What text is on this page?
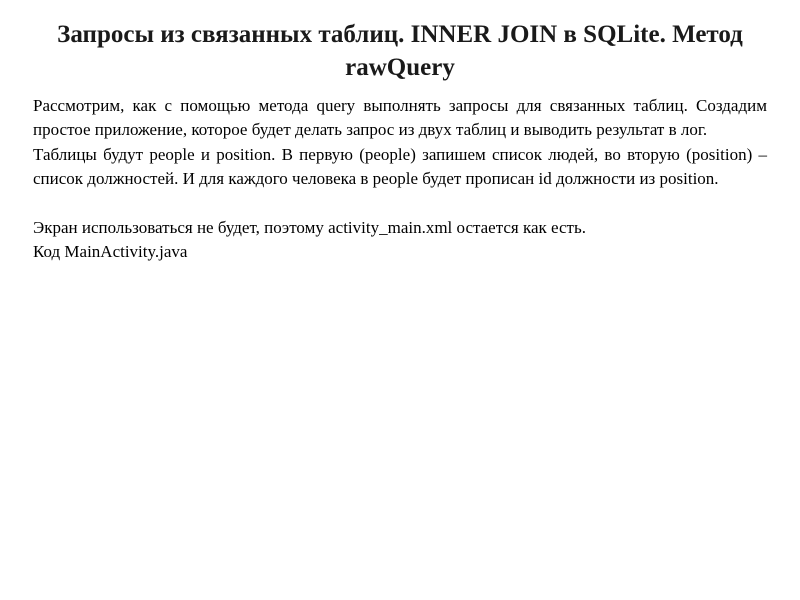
Запросы из связанных таблиц. INNER JOIN в SQLite. Метод rawQuery

Рассмотрим, как с помощью метода query выполнять запросы для связанных таблиц. Создадим простое приложение, которое будет делать запрос из двух таблиц и выводить результат в лог.

Таблицы будут people и position. В первую (people) запишем список людей, во вторую (position) – список должностей. И для каждого человека в people будет прописан id должности из position.

Экран использоваться не будет, поэтому activity_main.xml остается как есть.

Код MainActivity.java
